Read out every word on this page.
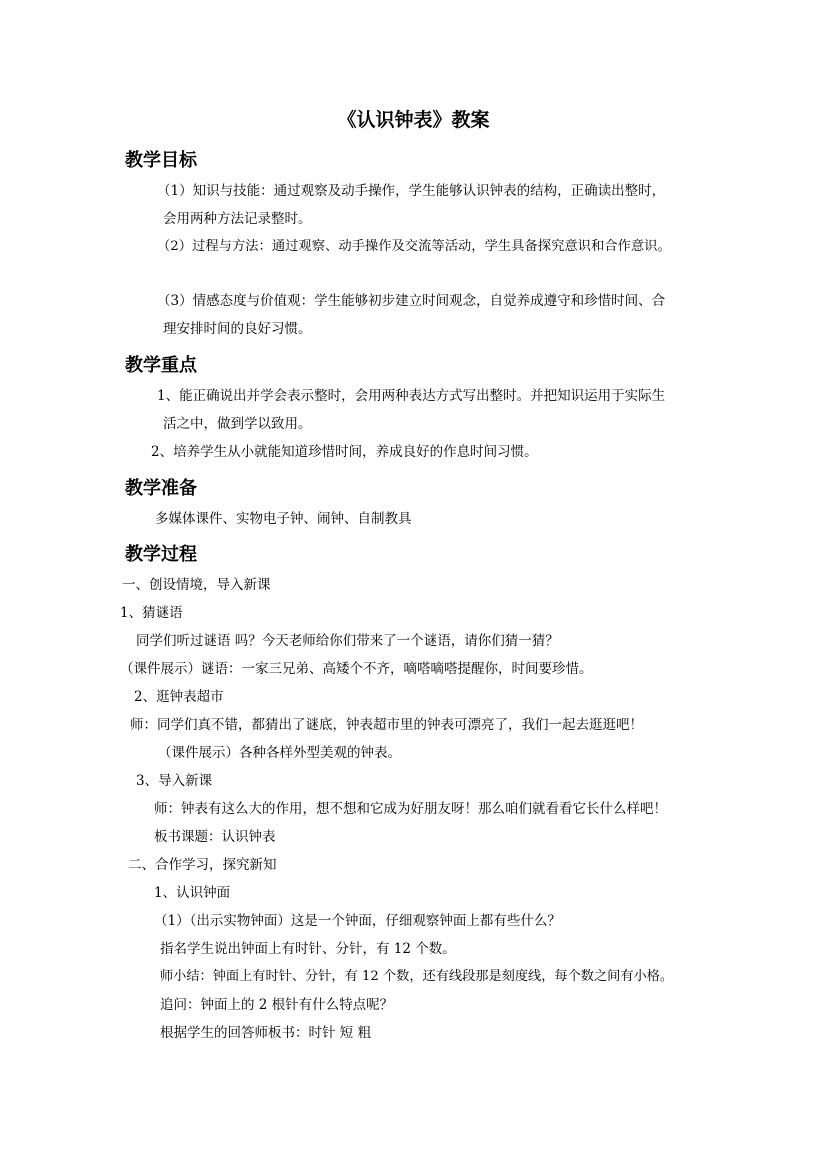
《认识钟表》教案
教学目标
（1）知识与技能：通过观察及动手操作，学生能够认识钟表的结构，正确读出整时，
会用两种方法记录整时。
（2）过程与方法：通过观察、动手操作及交流等活动，学生具备探究意识和合作意识。
（3）情感态度与价值观：学生能够初步建立时间观念，自觉养成遵守和珍惜时间、合
理安排时间的良好习惯。
教学重点
1、能正确说出并学会表示整时，会用两种表达方式写出整时。并把知识运用于实际生
活之中，做到学以致用。
2、培养学生从小就能知道珍惜时间，养成良好的作息时间习惯。
教学准备
多媒体课件、实物电子钟、闹钟、自制教具
教学过程
一、创设情境，导入新课
1、猜谜语
同学们听过谜语 吗？今天老师给你们带来了一个谜语，请你们猜一猜？
（课件展示）谜语：一家三兄弟、高矮个不齐，嘀嗒嘀嗒提醒你，时间要珍惜。
2、逛钟表超市
师：同学们真不错，都猜出了谜底，钟表超市里的钟表可漂亮了，我们一起去逛逛吧！
（课件展示）各种各样外型美观的钟表。
3、导入新课
师：钟表有这么大的作用，想不想和它成为好朋友呀！那么咱们就看看它长什么样吧！
板书课题：认识钟表
二、合作学习，探究新知
1、认识钟面
（1）（出示实物钟面）这是一个钟面，仔细观察钟面上都有些什么？
指名学生说出钟面上有时针、分针，有 12 个数。
师小结：钟面上有时针、分针，有 12 个数，还有线段那是刻度线，每个数之间有小格。
追问：钟面上的 2 根针有什么特点呢？
根据学生的回答师板书：时针 短 粗
